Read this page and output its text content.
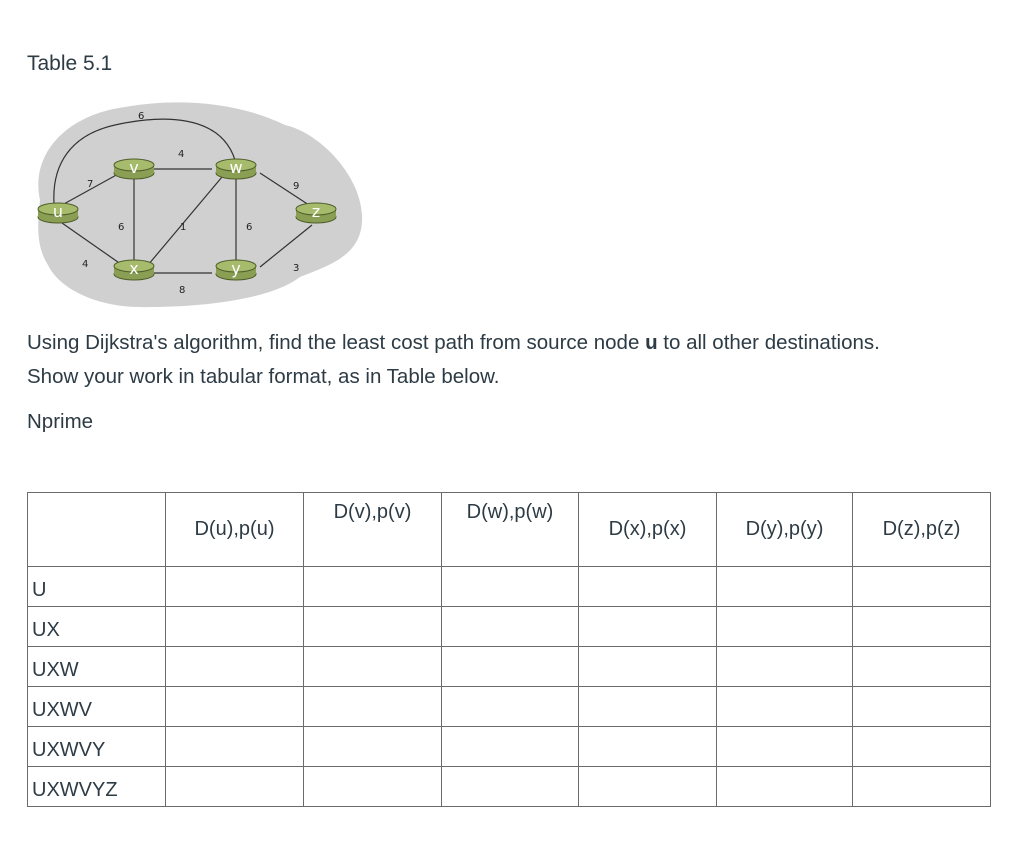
Table 5.1
6
7
4
4
6	1	6
9
8
3
u
v	w
x	y
z
Using Dijkstra's algorithm, find the least cost path from source node u to all other destinations.
Show your work in tabular format, as in Table below.
Nprime
	D(u),p(u)	D(v),p(v)	D(w),p(w)	D(x),p(x)	D(y),p(y)	D(z),p(z)
U						
UX						
UXW						
UXWV						
UXWVY						
UXWVYZ						
